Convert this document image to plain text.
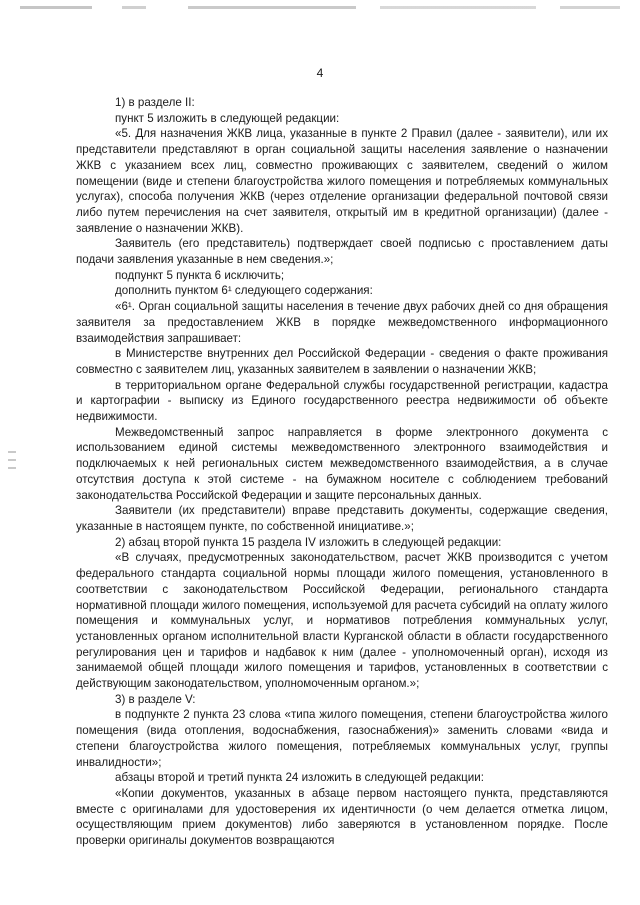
4

1) в разделе II:

пункт 5 изложить в следующей редакции:

«5. Для назначения ЖКВ лица, указанные в пункте 2 Правил (далее - заявители), или их представители представляют в орган социальной защиты населения заявление о назначении ЖКВ с указанием всех лиц, совместно проживающих с заявителем, сведений о жилом помещении (виде и степени благоустройства жилого помещения и потребляемых коммунальных услугах), способа получения ЖКВ (через отделение организации федеральной почтовой связи либо путем перечисления на счет заявителя, открытый им в кредитной организации) (далее - заявление о назначении ЖКВ).

Заявитель (его представитель) подтверждает своей подписью с проставлением даты подачи заявления указанные в нем сведения.»;

подпункт 5 пункта 6 исключить;

дополнить пунктом 6¹ следующего содержания:

«6¹. Орган социальной защиты населения в течение двух рабочих дней со дня обращения заявителя за предоставлением ЖКВ в порядке межведомственного информационного взаимодействия запрашивает:

в Министерстве внутренних дел Российской Федерации - сведения о факте проживания совместно с заявителем лиц, указанных заявителем в заявлении о назначении ЖКВ;

в территориальном органе Федеральной службы государственной регистрации, кадастра и картографии - выписку из Единого государственного реестра недвижимости об объекте недвижимости.

Межведомственный запрос направляется в форме электронного документа с использованием единой системы межведомственного электронного взаимодействия и подключаемых к ней региональных систем межведомственного взаимодействия, а в случае отсутствия доступа к этой системе - на бумажном носителе с соблюдением требований законодательства Российской Федерации и защите персональных данных.

Заявители (их представители) вправе представить документы, содержащие сведения, указанные в настоящем пункте, по собственной инициативе.»;

2) абзац второй пункта 15 раздела IV изложить в следующей редакции:

«В случаях, предусмотренных законодательством, расчет ЖКВ производится с учетом федерального стандарта социальной нормы площади жилого помещения, установленного в соответствии с законодательством Российской Федерации, регионального стандарта нормативной площади жилого помещения, используемой для расчета субсидий на оплату жилого помещения и коммунальных услуг, и нормативов потребления коммунальных услуг, установленных органом исполнительной власти Курганской области в области государственного регулирования цен и тарифов и надбавок к ним (далее - уполномоченный орган), исходя из занимаемой общей площади жилого помещения и тарифов, установленных в соответствии с действующим законодательством, уполномоченным органом.»;

3) в разделе V:

в подпункте 2 пункта 23 слова «типа жилого помещения, степени благоустройства жилого помещения (вида отопления, водоснабжения, газоснабжения)» заменить словами «вида и степени благоустройства жилого помещения, потребляемых коммунальных услуг, группы инвалидности»;

абзацы второй и третий пункта 24 изложить в следующей редакции:

«Копии документов, указанных в абзаце первом настоящего пункта, представляются вместе с оригиналами для удостоверения их идентичности (о чем делается отметка лицом, осуществляющим прием документов) либо заверяются в установленном порядке. После проверки оригиналы документов возвращаются
